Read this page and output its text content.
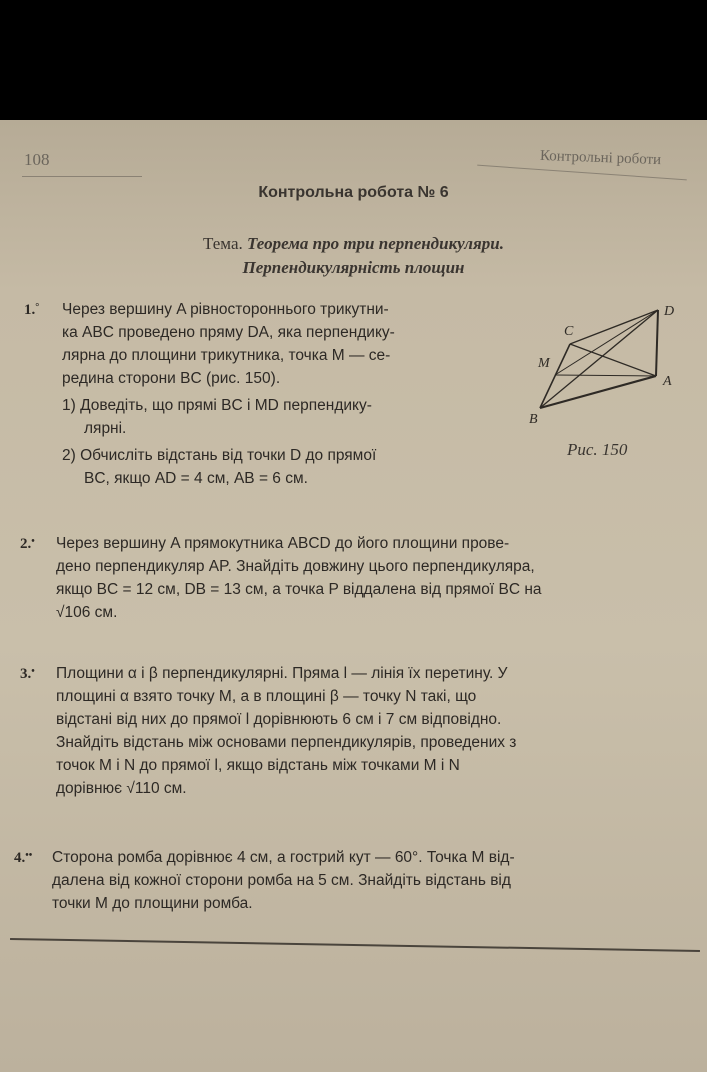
108	Контрольні роботи
Контрольна робота № 6
Тема. Теорема про три перпендикуляри.
Перпендикулярність площин
1.° Через вершину A рівностороннього трикутни-
ка ABC проведено пряму DA, яка перпендику-
лярна до площини трикутника, точка M — се-
редина сторони BC (рис. 150).
1) Доведіть, що прямі BC і MD перпендику-
лярні.
2) Обчисліть відстань від точки D до прямої
BC, якщо AD = 4 см, AB = 6 см.
D
C
M
A
B
Рис. 150
2.• Через вершину A прямокутника ABCD до його площини прове-
дено перпендикуляр AP. Знайдіть довжину цього перпендикуляра,
якщо BC = 12 см, DB = 13 см, а точка P віддалена від прямої BC на
√106 см.
3.• Площини α і β перпендикулярні. Пряма l — лінія їх перетину. У
площині α взято точку M, а в площині β — точку N такі, що
відстані від них до прямої l дорівнюють 6 см і 7 см відповідно.
Знайдіть відстань між основами перпендикулярів, проведених з
точок M і N до прямої l, якщо відстань між точками M і N
дорівнює √110 см.
4.•• Сторона ромба дорівнює 4 см, а гострий кут — 60°. Точка M від-
далена від кожної сторони ромба на 5 см. Знайдіть відстань від
точки M до площини ромба.
